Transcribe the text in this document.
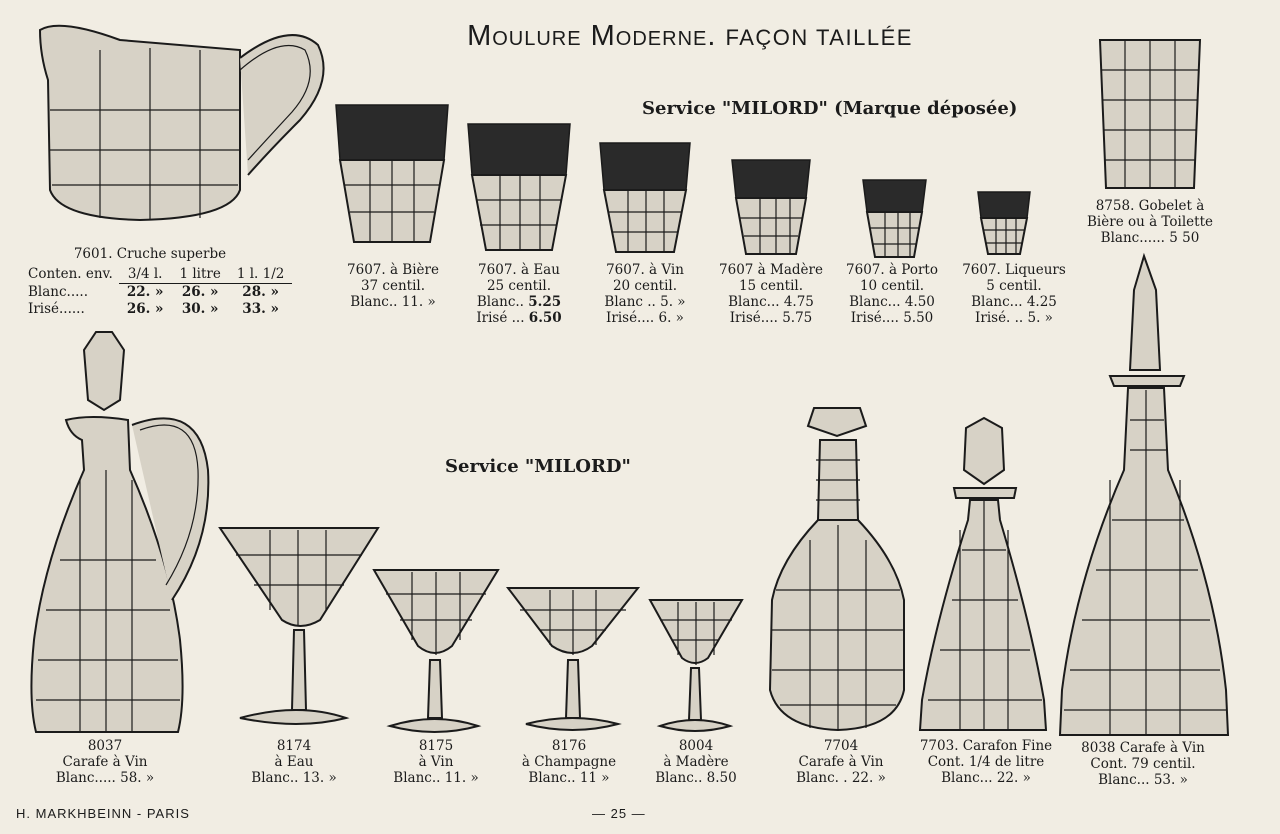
Moulure Moderne. FAÇON TAILLÉE
Service "MILORD" (Marque déposée)
Service "MILORD"
7601. Cruche superbe
Conten. env.	3/4 l.	1 litre	1 l. 1/2
Blanc.....	22. »	26. »	28. »
Irisé......	26. »	30. »	33. »
7607. à Bière
37 centil.
Blanc.. 11. »
7607. à Eau
25 centil.
Blanc.. 5.25
Irisé ... 6.50
7607. à Vin
20 centil.
Blanc .. 5. »
Irisé.... 6. »
7607 à Madère
15 centil.
Blanc... 4.75
Irisé.... 5.75
7607. à Porto
10 centil.
Blanc... 4.50
Irisé.... 5.50
7607. Liqueurs
5 centil.
Blanc... 4.25
Irisé. .. 5. »
8758. Gobelet à
Bière ou à Toilette
Blanc...... 5 50
8037
Carafe à Vin
Blanc..... 58. »
8174
à Eau
Blanc.. 13. »
8175
à Vin
Blanc.. 11. »
8176
à Champagne
Blanc.. 11 »
8004
à Madère
Blanc.. 8.50
7704
Carafe à Vin
Blanc. . 22. »
7703. Carafon Fine
Cont. 1/4 de litre
Blanc... 22. »
8038 Carafe à Vin
Cont. 79 centil.
Blanc... 53. »
H. MARKHBEINN - PARIS	— 25 —
